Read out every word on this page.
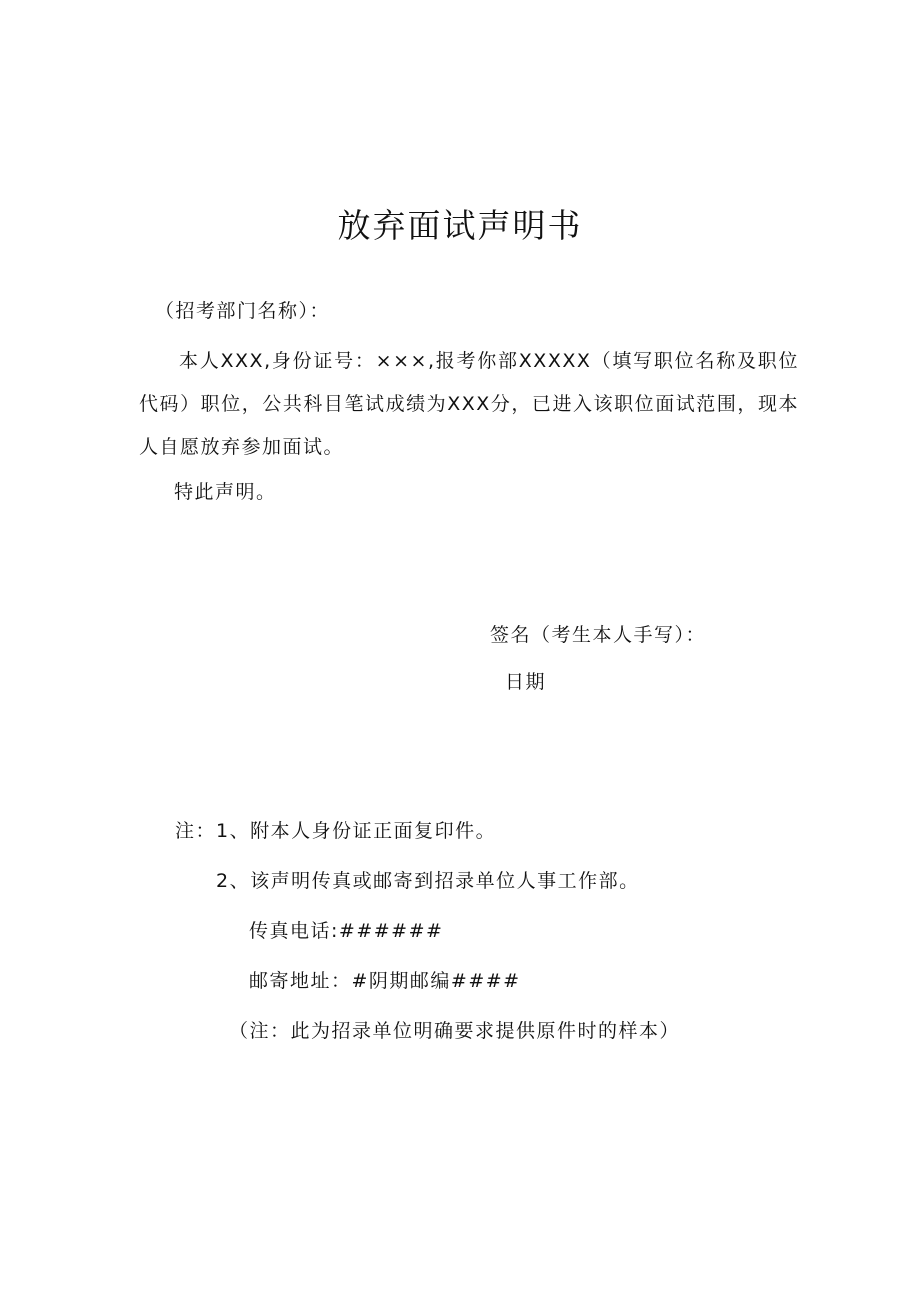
放弃面试声明书
（招考部门名称）：
本人XXX,身份证号：×××,报考你部XXXXX（填写职位名称及职位代码）职位，公共科目笔试成绩为XXX分，已进入该职位面试范围，现本人自愿放弃参加面试。
特此声明。
签名（考生本人手写）：
日期
注：1、附本人身份证正面复印件。
2、该声明传真或邮寄到招录单位人事工作部。
传真电话:######
邮寄地址：#阴期邮编####
（注：此为招录单位明确要求提供原件时的样本）
